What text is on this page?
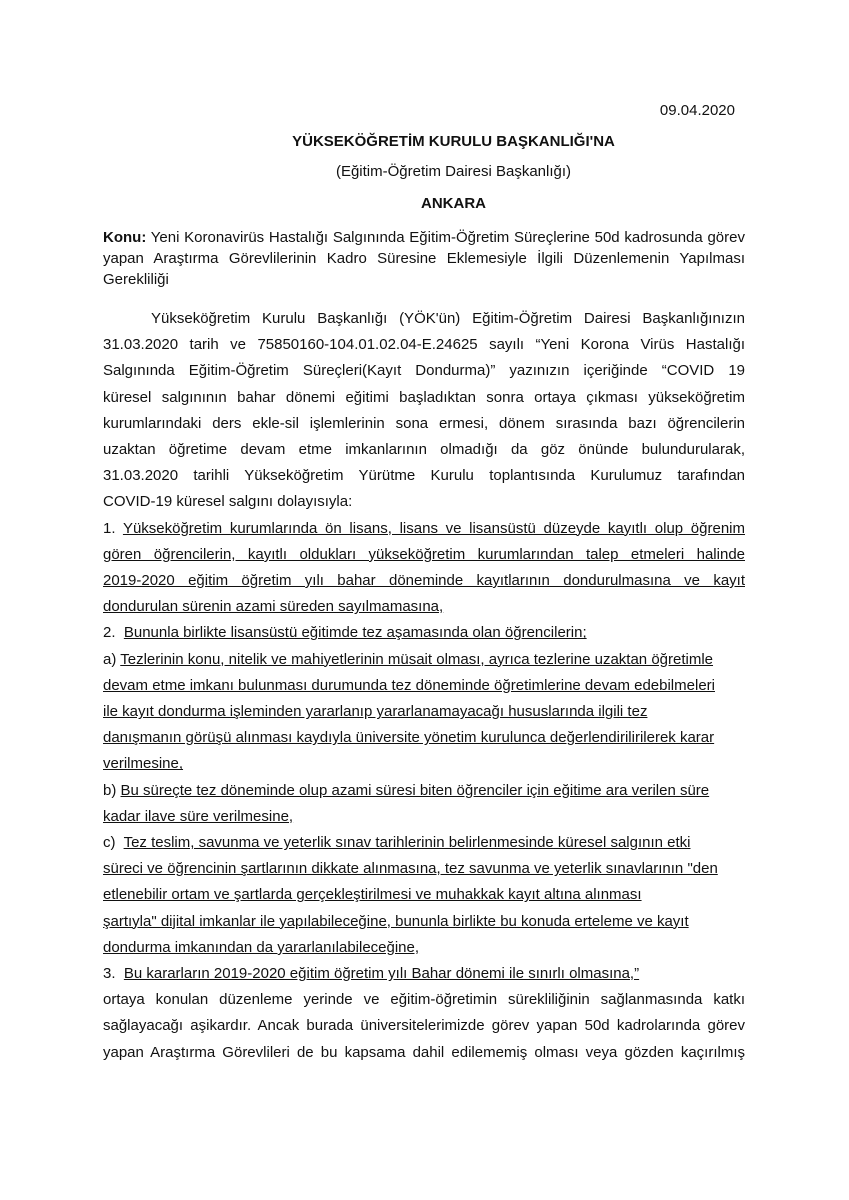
09.04.2020
YÜKSEKÖĞRETİM KURULU BAŞKANLIĞI'NA
(Eğitim-Öğretim Dairesi Başkanlığı)
ANKARA
Konu: Yeni Koronavirüs Hastalığı Salgınında Eğitim-Öğretim Süreçlerine 50d kadrosunda görev yapan Araştırma Görevlilerinin Kadro Süresine Eklemesiyle İlgili Düzenlemenin Yapılması Gerekliliği
Yükseköğretim Kurulu Başkanlığı (YÖK'ün) Eğitim-Öğretim Dairesi Başkanlığınızın
31.03.2020 tarih ve 75850160-104.01.02.04-E.24625 sayılı “Yeni Korona Virüs Hastalığı
Salgınında Eğitim-Öğretim Süreçleri(Kayıt Dondurma)” yazınızın içeriğinde “COVID 19
küresel salgınının bahar dönemi eğitimi başladıktan sonra ortaya çıkması yükseköğretim
kurumlarındaki ders ekle-sil işlemlerinin sona ermesi, dönem sırasında bazı öğrencilerin
uzaktan öğretime devam etme imkanlarının olmadığı da göz önünde bulundurularak,
31.03.2020 tarihli Yükseköğretim Yürütme Kurulu toplantısında Kurulumuz tarafından
COVID-19 küresel salgını dolayısıyla:
1. Yükseköğretim kurumlarında ön lisans, lisans ve lisansüstü düzeyde kayıtlı olup öğrenim
gören öğrencilerin, kayıtlı oldukları yükseköğretim kurumlarından talep etmeleri halinde
2019-2020 eğitim öğretim yılı bahar döneminde kayıtlarının dondurulmasına ve kayıt
dondurulan sürenin azami süreden sayılmamasına,
2. Bununla birlikte lisansüstü eğitimde tez aşamasında olan öğrencilerin;
a) Tezlerinin konu, nitelik ve mahiyetlerinin müsait olması, ayrıca tezlerine uzaktan öğretimle
devam etme imkanı bulunması durumunda tez döneminde öğretimlerine devam edebilmeleri
ile kayıt dondurma işleminden yararlanıp yararlanamayacağı hususlarında ilgili tez
danışmanın görüşü alınması kaydıyla üniversite yönetim kurulunca değerlendirilirilerek karar
verilmesine,
b) Bu süreçte tez döneminde olup azami süresi biten öğrenciler için eğitime ara verilen süre
kadar ilave süre verilmesine,
c) Tez teslim, savunma ve yeterlik sınav tarihlerinin belirlenmesinde küresel salgının etki
süreci ve öğrencinin şartlarının dikkate alınmasına, tez savunma ve yeterlik sınavlarının "den
etlenebilir ortam ve şartlarda gerçekleştirilmesi ve muhakkak kayıt altına alınması
şartıyla" dijital imkanlar ile yapılabileceğine, bununla birlikte bu konuda erteleme ve kayıt
dondurma imkanından da yararlanılabileceğine,
3. Bu kararların 2019-2020 eğitim öğretim yılı Bahar dönemi ile sınırlı olmasına,”
ortaya konulan düzenleme yerinde ve eğitim-öğretimin sürekliliğinin sağlanmasında katkı
sağlayacağı aşikardır. Ancak burada üniversitelerimizde görev yapan 50d kadrolarında görev
yapan Araştırma Görevlileri de bu kapsama dahil edilememiş olması veya gözden kaçırılmış
